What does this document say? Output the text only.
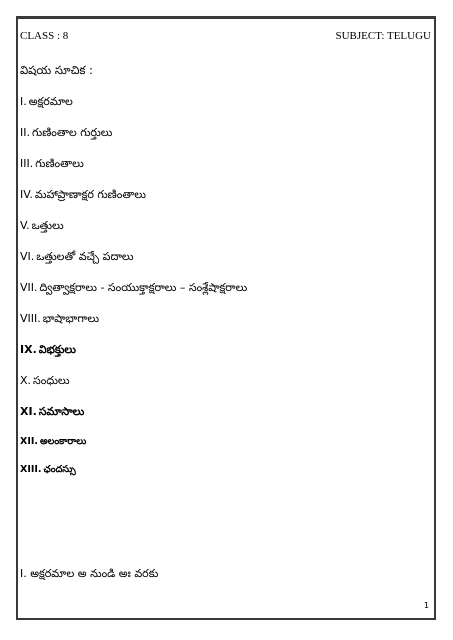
CLASS : 8	SUBJECT: TELUGU
విషయ సూచిక :
I. అక్షరమాల
II. గుణింతాల గుర్తులు
III. గుణింతాలు
IV. మహాప్రాణాక్షర గుణింతాలు
V. ఒత్తులు
VI. ఒత్తులతో వచ్చే పదాలు
VII. ద్విత్వాక్షరాలు - సంయుక్తాక్షరాలు – సంశ్లేషాక్షరాలు
VIII. భాషాభాగాలు
IX. విభక్తులు
X. సంధులు
XI. సమాసాలు
XII. అలంకారాలు
XIII. ఛందస్సు
I. అక్షరమాల అ నుండి అః వరకు
1
